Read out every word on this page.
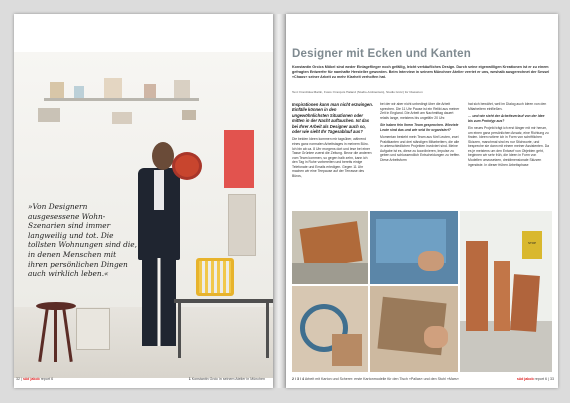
»Von Designern ausgesessene Wohn-Szenarien sind immer langweilig und tot. Die tollsten Wohnungen sind die, in denen Menschen mit ihren persönlichen Dingen auch wirklich leben.«
32 | süd jakob report 6	1 Konstantin Grcic in seinem Atelier in München
Designer mit Ecken und Kanten
Konstantin Grcics Möbel sind weder Einlageflieger noch gefällig, leicht verkäufliches Design. Durch seine eigenwilligen Kreationen ist er zu einem gefragten Entwerfer für namhafte Hersteller geworden. Beim Interview in seinem Münchner Atelier verriet er uns, weshalb ausgerechnet der Sessel »Chaos« seiner Arbeit zu mehr Klarheit verholfen hat.
Text: Franziska Martin, Fotos: François Haland (Studio-Ambientam), Studio Grcic) for Classicon

Inspirationen kann man nicht erzwingen. Einfälle können in den ungewöhnlichsten Situationen oder mitten in der Nacht auftauchen. Ist das bei Ihrer Arbeit als Designer auch so, oder wie sieht Ihr Tagesablauf aus?

Die beiden Ideen kommen mir tagsüber, während eines ganz normalen Arbeitstages in meinem Büro. Ich bin ab ca. 8 Uhr morgens dort und lese bei einer Tasse Grüntee zuerst die Zeitung. Bevor die anderen vom Team kommen, so gegen halb zehn, kann ich den Tag in Ruhe vorbereiten und bereits einige Telefonate und Emails erledigen. Gegen 11 Uhr machen wir eine Teepause auf der Terrasse des Büros,

bei der wir aber nicht unbedingt über die Arbeit sprechen. Die 11 Uhr Pause ist ein Relikt aus meiner Zeit in England. Die Arbeit am Nachmittag dauert relativ lange, meistens bis ungefähr 20 Uhr.

Sie haben fein Ihrem Team gesprochen. Wieviele Leute sind das und wie seid ihr organisiert?

Momentan besteht mein Team aus fünf Leuten, zwei Praktikanten und drei ständigen Mitarbeitern, die alle in unterschiedlichen Projekten involviert sind. Meine Aufgabe ist es, diese zu koordinieren, Impulse zu geben und schlussendlich Entscheidungen zu treffen. Diese Arbeitsform

hat sich bewährt, weil im Dialog auch Ideen von den Mitarbeitern einfließen.

… und wie sieht der Arbeitsverlauf von der Idee bis zum Prototyp aus?

Ein neues Projekt trägt ich erst länger mit mir herum, um einen ganz persönlichen Ansatz, eine Richtung zu finden. Ideen notiere ich in Form von schriftlichen Skizzen, manchmal sind es nur Stichworte, und bespreche sie dann mit einem meiner Assistenten. Da es je meistens um den Entwurf von Objekten geht, beginnen wir sehr früh, die Ideen in Form von Modellen umzusetzen, dreidimensionale Skizzen irgendwie. In dieser frühen Arbeitsphase

STOP
2 / 3 / 4 Arbeit mit Karton und Scherer: erste Kartonmodelle für den Tisch »Pallas« und den Stuhl »Mars«	süd jakob report 6 | 33
